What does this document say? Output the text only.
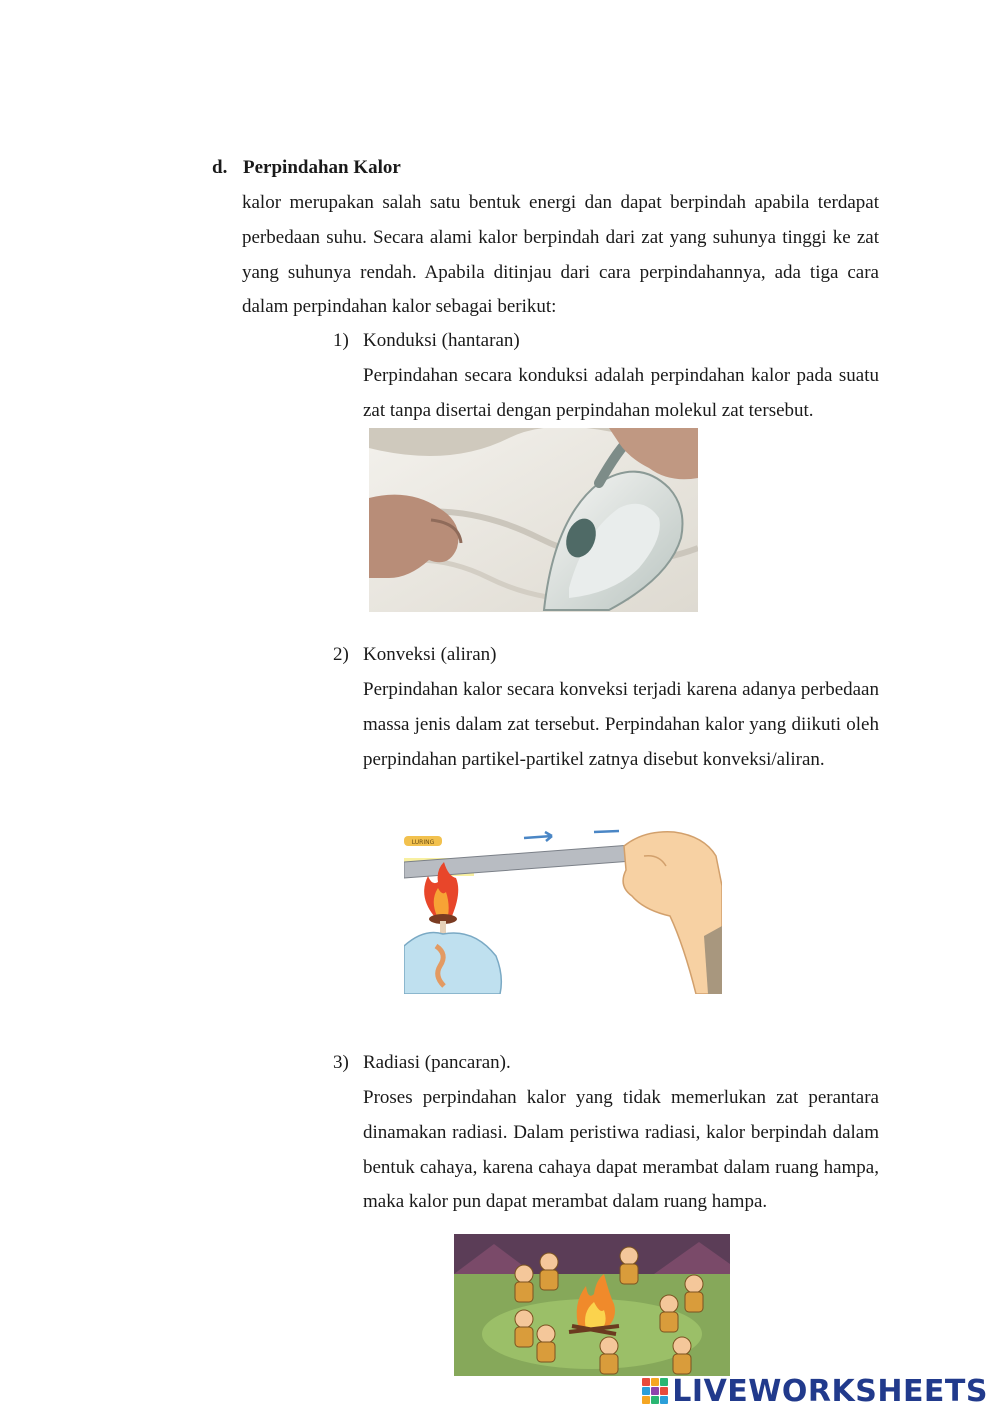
d. Perpindahan Kalor

kalor merupakan salah satu bentuk energi dan dapat berpindah apabila terdapat perbedaan suhu. Secara alami kalor berpindah dari zat yang suhunya tinggi ke zat yang suhunya rendah. Apabila ditinjau dari cara perpindahannya, ada tiga cara dalam perpindahan kalor sebagai berikut:

1) Konduksi (hantaran)

Perpindahan secara konduksi adalah perpindahan kalor pada suatu zat tanpa disertai dengan perpindahan molekul zat tersebut.

2) Konveksi (aliran)

Perpindahan kalor secara konveksi terjadi karena adanya perbedaan massa jenis dalam zat tersebut. Perpindahan kalor yang diikuti oleh perpindahan partikel-partikel zatnya disebut konveksi/aliran.

LURING
3) Radiasi (pancaran).

Proses perpindahan kalor yang tidak memerlukan zat perantara dinamakan radiasi. Dalam peristiwa radiasi, kalor berpindah dalam bentuk cahaya, karena cahaya dapat merambat dalam ruang hampa, maka kalor pun dapat merambat dalam ruang hampa.

LIVEWORKSHEETS
